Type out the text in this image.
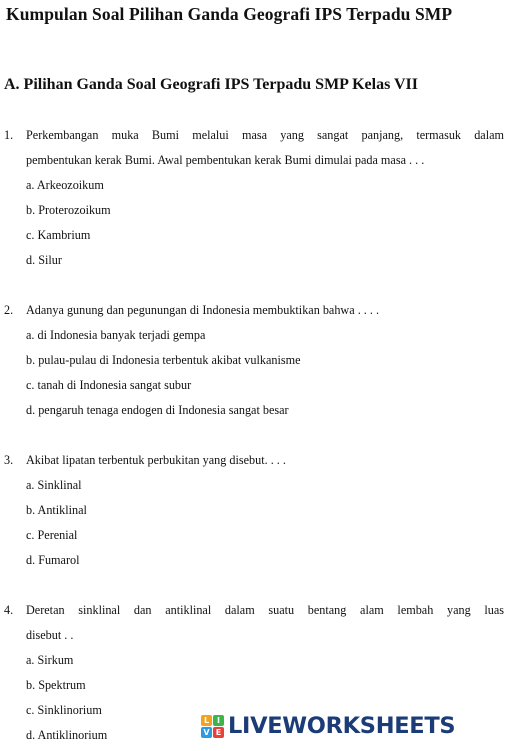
Kumpulan Soal Pilihan Ganda Geografi IPS Terpadu SMP
A. Pilihan Ganda Soal Geografi IPS Terpadu SMP Kelas VII
1. Perkembangan muka Bumi melalui masa yang sangat panjang, termasuk dalam
pembentukan kerak Bumi. Awal pembentukan kerak Bumi dimulai pada masa . . .
a. Arkeozoikum
b. Proterozoikum
c. Kambrium
d. Silur
2. Adanya gunung dan pegunungan di Indonesia membuktikan bahwa . . . .
a. di Indonesia banyak terjadi gempa
b. pulau-pulau di Indonesia terbentuk akibat vulkanisme
c. tanah di Indonesia sangat subur
d. pengaruh tenaga endogen di Indonesia sangat besar
3. Akibat lipatan terbentuk perbukitan yang disebut. . . .
a. Sinklinal
b. Antiklinal
c. Perenial
d. Fumarol
4. Deretan sinklinal dan antiklinal dalam suatu bentang alam lembah yang luas
disebut . .
a. Sirkum
b. Spektrum
c. Sinklinorium
d. Antiklinorium
L I
V E LIVEWORKSHEETS
